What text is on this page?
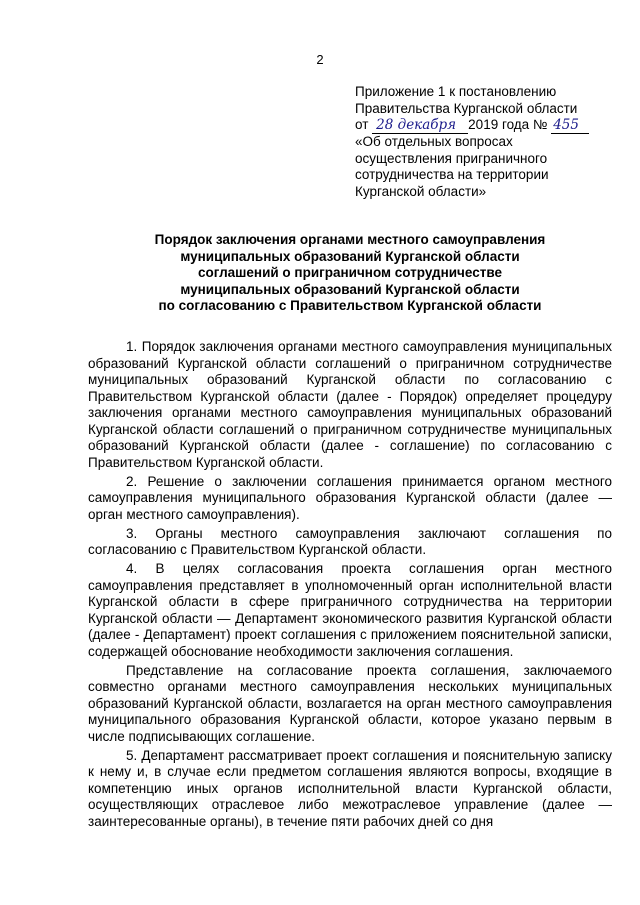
2
Приложение 1 к постановлению
Правительства Курганской области
от 28 декабря 2019 года № 455
«Об отдельных вопросах
осуществления приграничного
сотрудничества на территории
Курганской области»
Порядок заключения органами местного самоуправления
муниципальных образований Курганской области
соглашений о приграничном сотрудничестве
муниципальных образований Курганской области
по согласованию с Правительством Курганской области

1. Порядок заключения органами местного самоуправления муниципальных образований Курганской области соглашений о приграничном сотрудничестве муниципальных образований Курганской области по согласованию с Правительством Курганской области (далее - Порядок) определяет процедуру заключения органами местного самоуправления муниципальных образований Курганской области соглашений о приграничном сотрудничестве муниципальных образований Курганской области (далее - соглашение) по согласованию с Правительством Курганской области.

2. Решение о заключении соглашения принимается органом местного самоуправления муниципального образования Курганской области (далее — орган местного самоуправления).

3. Органы местного самоуправления заключают соглашения по согласованию с Правительством Курганской области.

4. В целях согласования проекта соглашения орган местного самоуправления представляет в уполномоченный орган исполнительной власти Курганской области в сфере приграничного сотрудничества на территории Курганской области — Департамент экономического развития Курганской области (далее - Департамент) проект соглашения с приложением пояснительной записки, содержащей обоснование необходимости заключения соглашения.

Представление на согласование проекта соглашения, заключаемого совместно органами местного самоуправления нескольких муниципальных образований Курганской области, возлагается на орган местного самоуправления муниципального образования Курганской области, которое указано первым в числе подписывающих соглашение.

5. Департамент рассматривает проект соглашения и пояснительную записку к нему и, в случае если предметом соглашения являются вопросы, входящие в компетенцию иных органов исполнительной власти Курганской области, осуществляющих отраслевое либо межотраслевое управление (далее — заинтересованные органы), в течение пяти рабочих дней со дня
